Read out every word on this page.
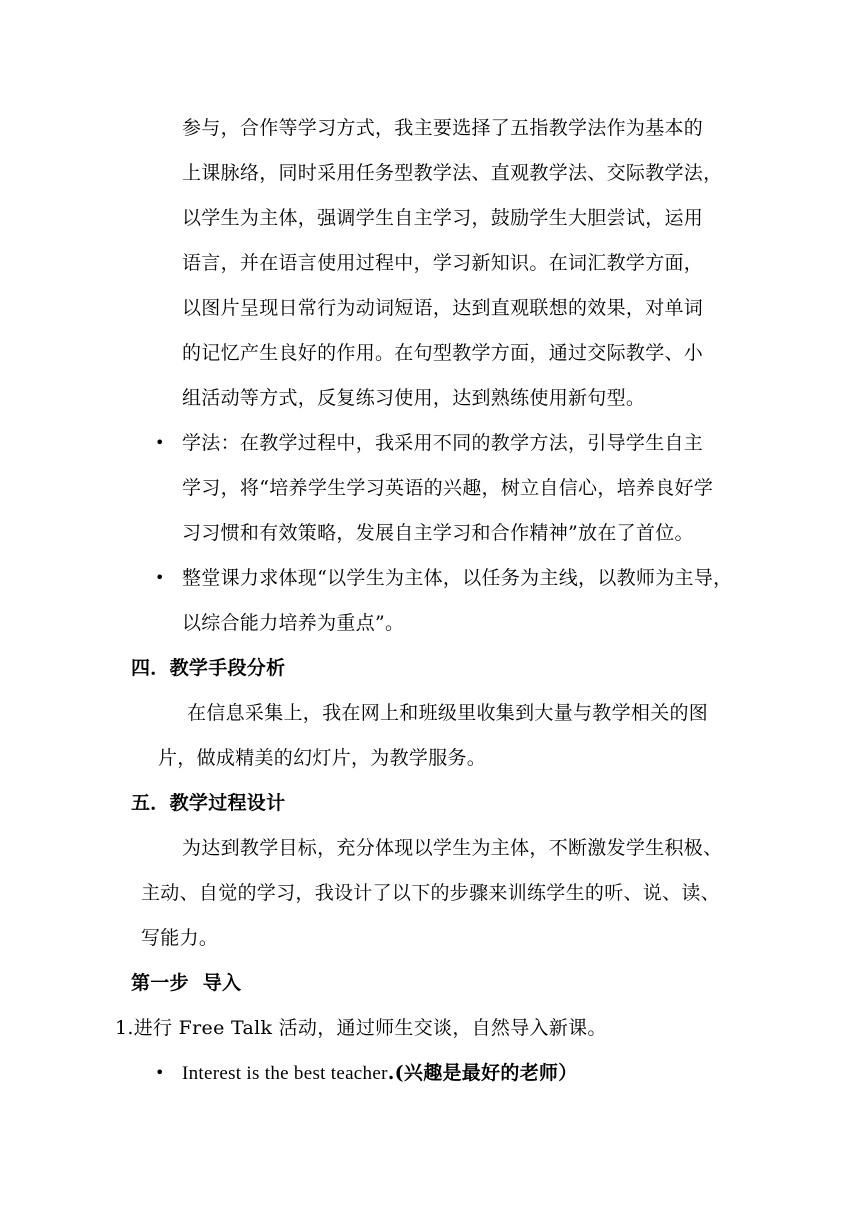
参与，合作等学习方式，我主要选择了五指教学法作为基本的
上课脉络，同时采用任务型教学法、直观教学法、交际教学法，
以学生为主体，强调学生自主学习，鼓励学生大胆尝试，运用
语言，并在语言使用过程中，学习新知识。在词汇教学方面，
以图片呈现日常行为动词短语，达到直观联想的效果，对单词
的记忆产生良好的作用。在句型教学方面，通过交际教学、小
组活动等方式，反复练习使用，达到熟练使用新句型。
• 学法：在教学过程中，我采用不同的教学方法，引导学生自主
学习，将“培养学生学习英语的兴趣，树立自信心，培养良好学
习习惯和有效策略，发展自主学习和合作精神”放在了首位。
• 整堂课力求体现“以学生为主体，以任务为主线，以教师为主导，
以综合能力培养为重点”。
四．教学手段分析
在信息采集上，我在网上和班级里收集到大量与教学相关的图
片，做成精美的幻灯片，为教学服务。
五．教学过程设计
为达到教学目标，充分体现以学生为主体，不断激发学生积极、
主动、自觉的学习，我设计了以下的步骤来训练学生的听、说、读、
写能力。
第一步  导入
1.进行 Free Talk 活动，通过师生交谈，自然导入新课。
• Interest is the best teacher.(兴趣是最好的老师）
